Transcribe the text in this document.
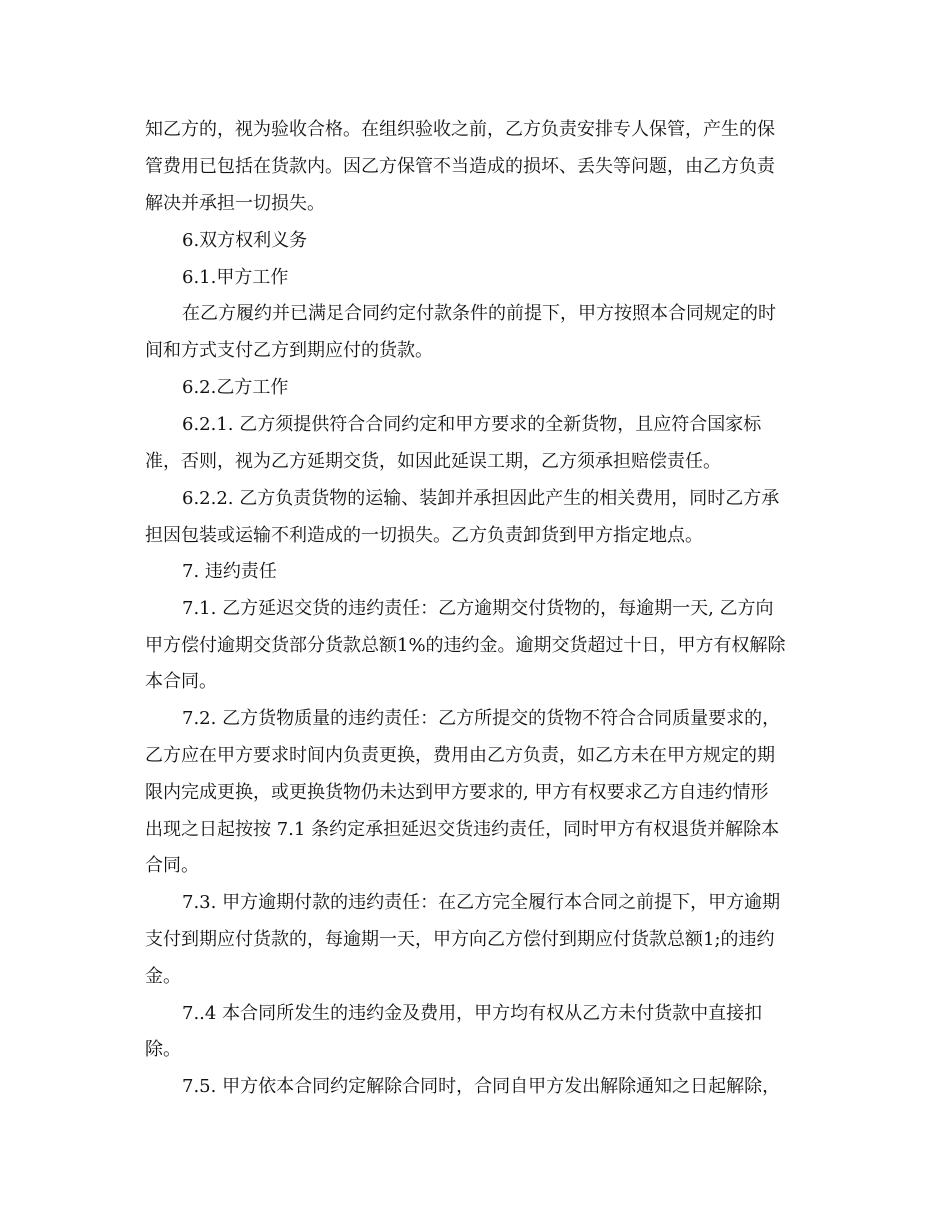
知乙方的，视为验收合格。在组织验收之前，乙方负责安排专人保管，产生的保
管费用已包括在货款内。因乙方保管不当造成的损坏、丢失等问题，由乙方负责
解决并承担一切损失。
6.双方权利义务
6.1.甲方工作
在乙方履约并已满足合同约定付款条件的前提下，甲方按照本合同规定的时
间和方式支付乙方到期应付的货款。
6.2.乙方工作
6.2.1. 乙方须提供符合合同约定和甲方要求的全新货物，且应符合国家标
准，否则，视为乙方延期交货，如因此延误工期，乙方须承担赔偿责任。
6.2.2. 乙方负责货物的运输、装卸并承担因此产生的相关费用，同时乙方承
担因包装或运输不利造成的一切损失。乙方负责卸货到甲方指定地点。
7. 违约责任
7.1. 乙方延迟交货的违约责任：乙方逾期交付货物的，每逾期一天, 乙方向
甲方偿付逾期交货部分货款总额1%的违约金。逾期交货超过十日，甲方有权解除
本合同。
7.2. 乙方货物质量的违约责任：乙方所提交的货物不符合合同质量要求的，
乙方应在甲方要求时间内负责更换，费用由乙方负责，如乙方未在甲方规定的期
限内完成更换，或更换货物仍未达到甲方要求的, 甲方有权要求乙方自违约情形
出现之日起按按 7.1 条约定承担延迟交货违约责任，同时甲方有权退货并解除本
合同。
7.3. 甲方逾期付款的违约责任：在乙方完全履行本合同之前提下，甲方逾期
支付到期应付货款的，每逾期一天，甲方向乙方偿付到期应付货款总额1;的违约
金。
7..4 本合同所发生的违约金及费用，甲方均有权从乙方未付货款中直接扣
除。
7.5. 甲方依本合同约定解除合同时，合同自甲方发出解除通知之日起解除，
